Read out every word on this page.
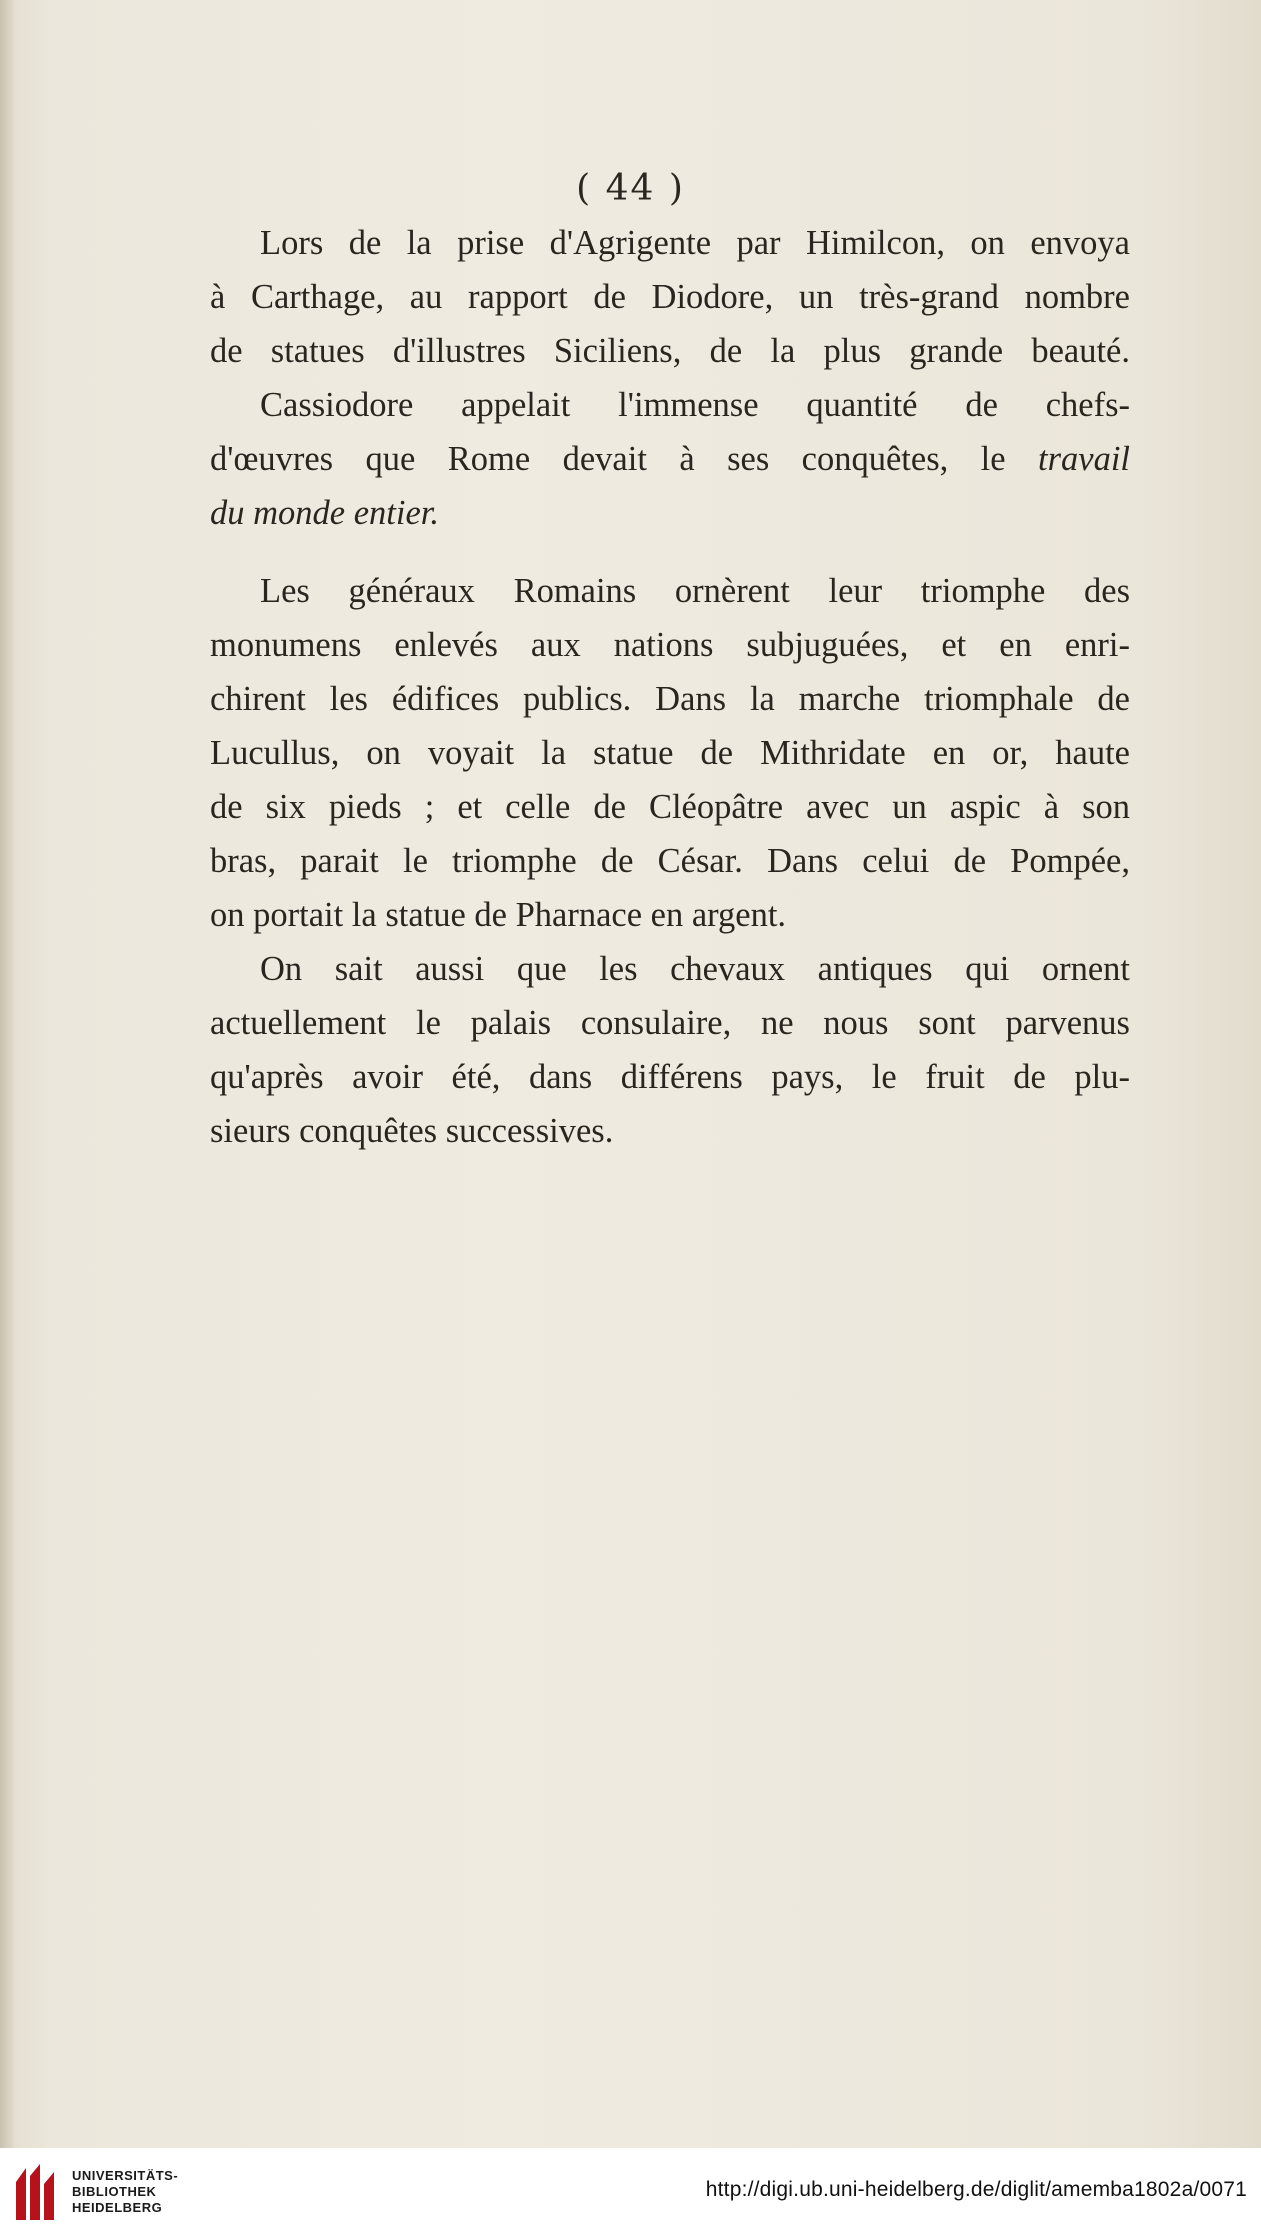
( 44 )
Lors de la prise d'Agrigente par Himilcon, on envoya
à Carthage, au rapport de Diodore, un très-grand nombre
de statues d'illustres Siciliens, de la plus grande beauté.
Cassiodore appelait l'immense quantité de chefs-
d'œuvres que Rome devait à ses conquêtes, le travail
du monde entier.
Les généraux Romains ornèrent leur triomphe des
monumens enlevés aux nations subjuguées, et en enri-
chirent les édifices publics. Dans la marche triomphale de
Lucullus, on voyait la statue de Mithridate en or, haute
de six pieds ; et celle de Cléopâtre avec un aspic à son
bras, parait le triomphe de César. Dans celui de Pompée,
on portait la statue de Pharnace en argent.
On sait aussi que les chevaux antiques qui ornent
actuellement le palais consulaire, ne nous sont parvenus
qu'après avoir été, dans différens pays, le fruit de plu-
sieurs conquêtes successives.
UNIVERSITÄTS-
BIBLIOTHEK
HEIDELBERG
http://digi.ub.uni-heidelberg.de/diglit/amemba1802a/0071
